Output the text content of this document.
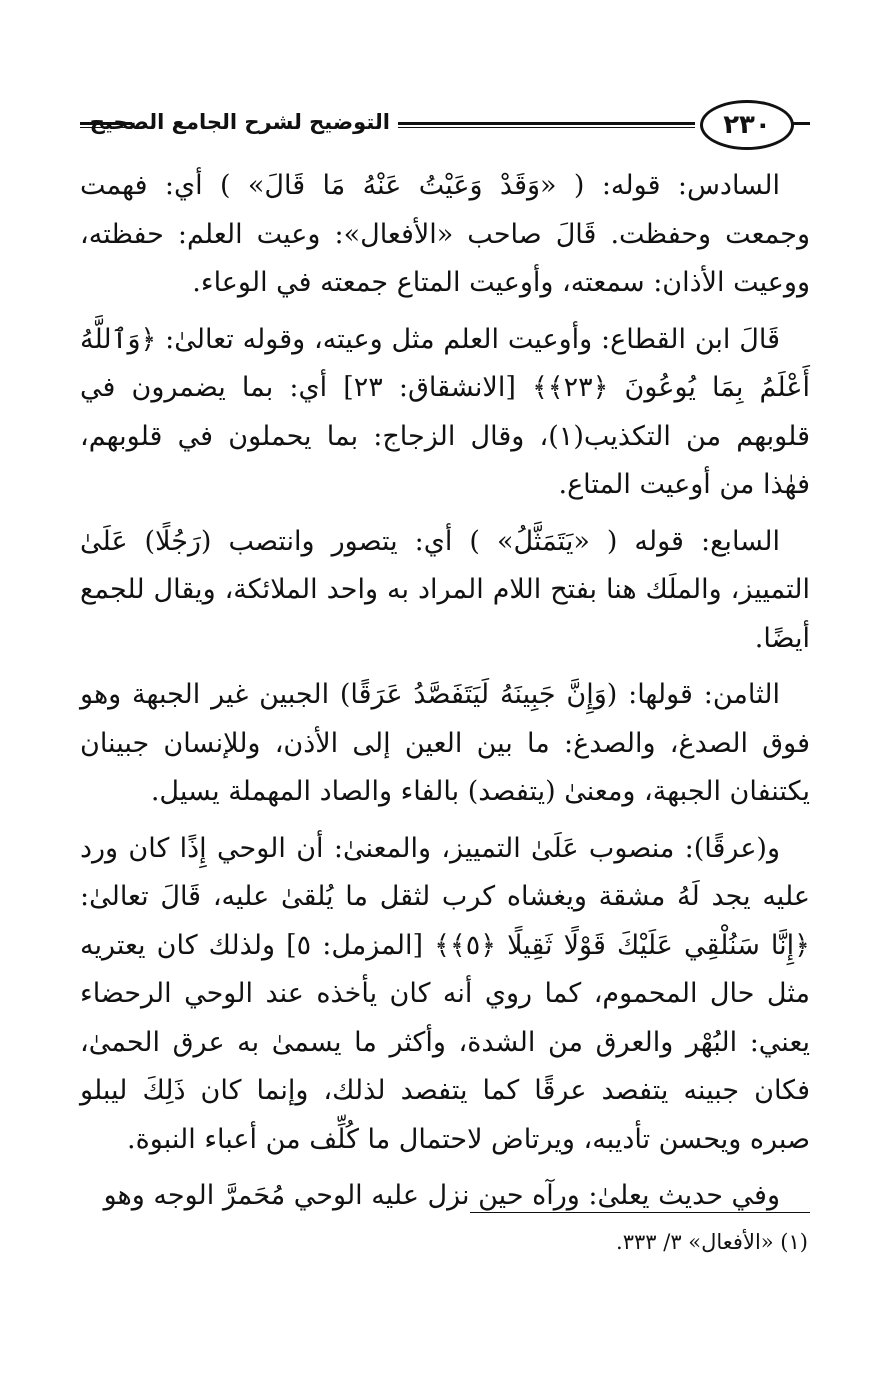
التوضيح لشرح الجامع الصحيح	٢٣٠

السادس: قوله: ( «وَقَدْ وَعَيْتُ عَنْهُ مَا قَالَ» ) أي: فهمت وجمعت وحفظت. قَالَ صاحب «الأفعال»: وعيت العلم: حفظته، ووعيت الأذان: سمعته، وأوعيت المتاع جمعته في الوعاء.

قَالَ ابن القطاع: وأوعيت العلم مثل وعيته، وقوله تعالىٰ: ﴿وَٱللَّهُ أَعْلَمُ بِمَا يُوعُونَ ﴿٢٣﴾﴾ [الانشقاق: ٢٣] أي: بما يضمرون في قلوبهم من التكذيب(١)، وقال الزجاج: بما يحملون في قلوبهم، فهٰذا من أوعيت المتاع.

السابع: قوله ( «يَتَمَثَّلُ» ) أي: يتصور وانتصب (رَجُلًا) عَلَىٰ التمييز، والملَك هنا بفتح اللام المراد به واحد الملائكة، ويقال للجمع أيضًا.

الثامن: قولها: (وَإِنَّ جَبِينَهُ لَيَتَفَصَّدُ عَرَقًا) الجبين غير الجبهة وهو فوق الصدغ، والصدغ: ما بين العين إلى الأذن، وللإنسان جبينان يكتنفان الجبهة، ومعنىٰ (يتفصد) بالفاء والصاد المهملة يسيل.

و(عرقًا): منصوب عَلَىٰ التمييز، والمعنىٰ: أن الوحي إِذًا كان ورد عليه يجد لَهُ مشقة ويغشاه كرب لثقل ما يُلقىٰ عليه، قَالَ تعالىٰ: ﴿إِنَّا سَنُلْقِي عَلَيْكَ قَوْلًا ثَقِيلًا ﴿٥﴾﴾ [المزمل: ٥] ولذلك كان يعتريه مثل حال المحموم، كما روي أنه كان يأخذه عند الوحي الرحضاء يعني: البُهْر والعرق من الشدة، وأكثر ما يسمىٰ به عرق الحمىٰ، فكان جبينه يتفصد عرقًا كما يتفصد لذلك، وإنما كان ذَلِكَ ليبلو صبره ويحسن تأديبه، ويرتاض لاحتمال ما كُلِّف من أعباء النبوة.

وفي حديث يعلىٰ: ورآه حين نزل عليه الوحي مُحَمرَّ الوجه وهو

(١) «الأفعال» ٣/ ٣٣٣.
